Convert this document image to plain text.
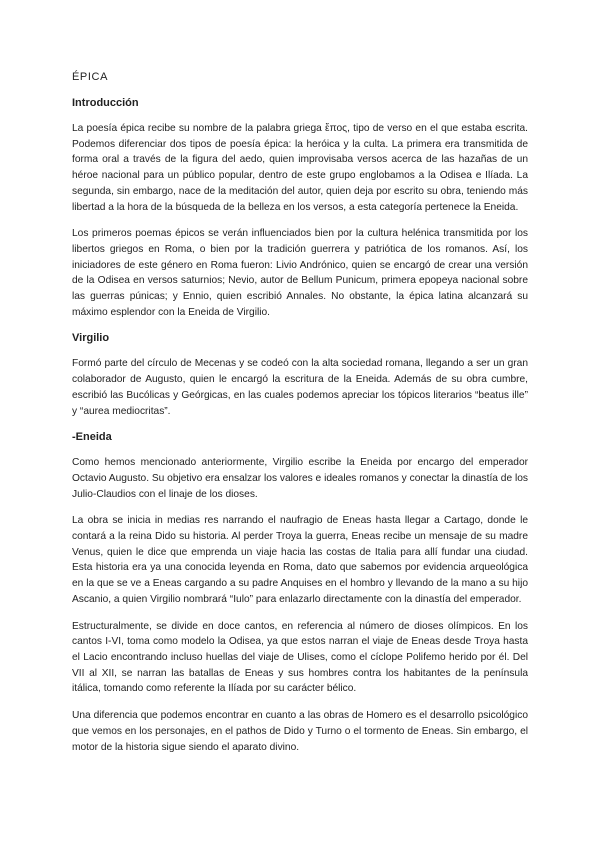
ÉPICA
Introducción

La poesía épica recibe su nombre de la palabra griega ἔπος, tipo de verso en el que estaba escrita. Podemos diferenciar dos tipos de poesía épica: la heróica y la culta. La primera era transmitida de forma oral a través de la figura del aedo, quien improvisaba versos acerca de las hazañas de un héroe nacional para un público popular, dentro de este grupo englobamos a la Odisea e Ilíada. La segunda, sin embargo, nace de la meditación del autor, quien deja por escrito su obra, teniendo más libertad a la hora de la búsqueda de la belleza en los versos, a esta categoría pertenece la Eneida.

Los primeros poemas épicos se verán influenciados bien por la cultura helénica transmitida por los libertos griegos en Roma, o bien por la tradición guerrera y patriótica de los romanos. Así, los iniciadores de este género en Roma fueron: Livio Andrónico, quien se encargó de crear una versión de la Odisea en versos saturnios; Nevio, autor de Bellum Punicum, primera epopeya nacional sobre las guerras púnicas; y Ennio, quien escribió Annales. No obstante, la épica latina alcanzará su máximo esplendor con la Eneida de Virgilio.

Virgilio

Formó parte del círculo de Mecenas y se codeó con la alta sociedad romana, llegando a ser un gran colaborador de Augusto, quien le encargó la escritura de la Eneida. Además de su obra cumbre, escribió las Bucólicas y Geórgicas, en las cuales podemos apreciar los tópicos literarios “beatus ille” y “aurea mediocritas”.

-Eneida

Como hemos mencionado anteriormente, Virgilio escribe la Eneida por encargo del emperador Octavio Augusto. Su objetivo era ensalzar los valores e ideales romanos y conectar la dinastía de los Julio-Claudios con el linaje de los dioses.

La obra se inicia in medias res narrando el naufragio de Eneas hasta llegar a Cartago, donde le contará a la reina Dido su historia. Al perder Troya la guerra, Eneas recibe un mensaje de su madre Venus, quien le dice que emprenda un viaje hacia las costas de Italia para allí fundar una ciudad. Esta historia era ya una conocida leyenda en Roma, dato que sabemos por evidencia arqueológica en la que se ve a Eneas cargando a su padre Anquises en el hombro y llevando de la mano a su hijo Ascanio, a quien Virgilio nombrará “Iulo” para enlazarlo directamente con la dinastía del emperador.

Estructuralmente, se divide en doce cantos, en referencia al número de dioses olímpicos. En los cantos I-VI, toma como modelo la Odisea, ya que estos narran el viaje de Eneas desde Troya hasta el Lacio encontrando incluso huellas del viaje de Ulises, como el cíclope Polifemo herido por él. Del VII al XII, se narran las batallas de Eneas y sus hombres contra los habitantes de la península itálica, tomando como referente la Ilíada por su carácter bélico.

Una diferencia que podemos encontrar en cuanto a las obras de Homero es el desarrollo psicológico que vemos en los personajes, en el pathos de Dido y Turno o el tormento de Eneas. Sin embargo, el motor de la historia sigue siendo el aparato divino.
